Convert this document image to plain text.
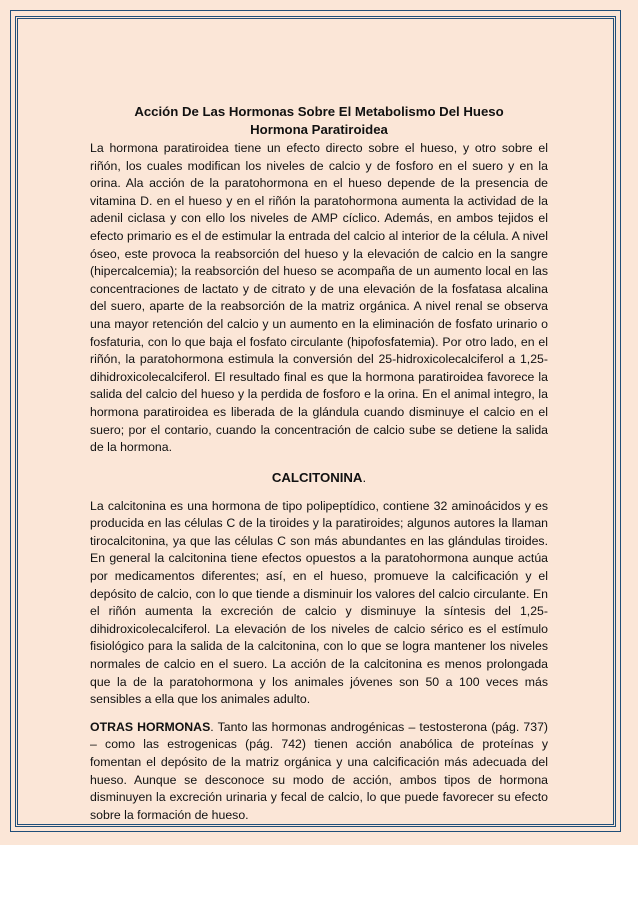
Acción De Las Hormonas Sobre El Metabolismo Del Hueso
Hormona Paratiroidea

La hormona paratiroidea tiene un efecto directo sobre el hueso, y otro sobre el riñón, los cuales modifican los niveles de calcio y de fosforo en el suero y en la orina. Ala acción de la paratohormona en el hueso depende de la presencia de vitamina D. en el hueso y en el riñón la paratohormona aumenta la actividad de la adenil ciclasa y con ello los niveles de AMP cíclico. Además, en ambos tejidos el efecto primario es el de estimular la entrada del calcio al interior de la célula. A nivel óseo, este provoca la reabsorción del hueso y la elevación de calcio en la sangre (hipercalcemia); la reabsorción del hueso se acompaña de un aumento local en las concentraciones de lactato y de citrato y de una elevación de la fosfatasa alcalina del suero, aparte de la reabsorción de la matriz orgánica. A nivel renal se observa una mayor retención del calcio y un aumento en la eliminación de fosfato urinario o fosfaturia, con lo que baja el fosfato circulante (hipofosfatemia). Por otro lado, en el riñón, la paratohormona estimula la conversión del 25-hidroxicolecalciferol a 1,25-dihidroxicolecalciferol. El resultado final es que la hormona paratiroidea favorece la salida del calcio del hueso y la perdida de fosforo e la orina. En el animal integro, la hormona paratiroidea es liberada de la glándula cuando disminuye el calcio en el suero; por el contario, cuando la concentración de calcio sube se detiene la salida de la hormona.

CALCITONINA.

La calcitonina es una hormona de tipo polipeptídico, contiene 32 aminoácidos y es producida en las células C de la tiroides y la paratiroides; algunos autores la llaman tirocalcitonina, ya que las células C son más abundantes en las glándulas tiroides. En general la calcitonina tiene efectos opuestos a la paratohormona aunque actúa por medicamentos diferentes; así, en el hueso, promueve la calcificación y el depósito de calcio, con lo que tiende a disminuir los valores del calcio circulante. En el riñón aumenta la excreción de calcio y disminuye la síntesis del 1,25-dihidroxicolecalciferol. La elevación de los niveles de calcio sérico es el estímulo fisiológico para la salida de la calcitonina, con lo que se logra mantener los niveles normales de calcio en el suero. La acción de la calcitonina es menos prolongada que la de la paratohormona y los animales jóvenes son 50 a 100 veces más sensibles a ella que los animales adulto.

OTRAS HORMONAS. Tanto las hormonas androgénicas – testosterona (pág. 737) – como las estrogenicas (pág. 742) tienen acción anabólica de proteínas y fomentan el depósito de la matriz orgánica y una calcificación más adecuada del hueso. Aunque se desconoce su modo de acción, ambos tipos de hormona disminuyen la excreción urinaria y fecal de calcio, lo que puede favorecer su efecto sobre la formación de hueso.
